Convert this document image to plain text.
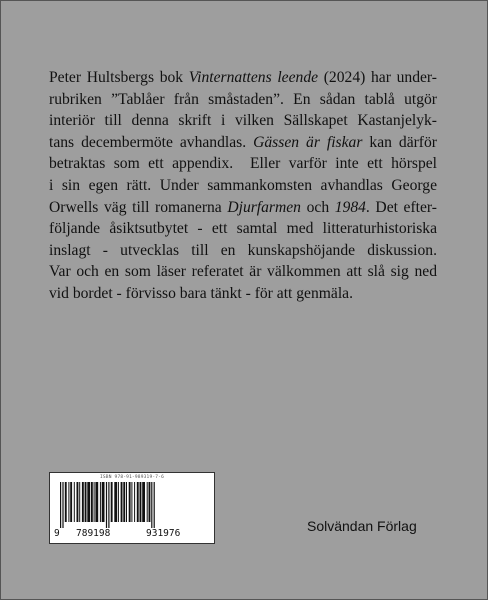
Peter Hultsbergs bok Vinternattens leende (2024) har under-
rubriken ”Tablåer från småstaden”. En sådan tablå utgör
interiör till denna skrift i vilken Sällskapet Kastanjelyk-
tans decembermöte avhandlas. Gässen är fiskar kan därför
betraktas som ett appendix.  Eller varför inte ett hörspel
i sin egen rätt. Under sammankomsten avhandlas George
Orwells väg till romanerna Djurfarmen och 1984. Det efter-
följande åsiktsutbytet - ett samtal med litteraturhistoriska
inslagt - utvecklas till en kunskapshöjande diskussion.
Var och en som läser referatet är välkommen att slå sig ned
vid bordet - förvisso bara tänkt - för att genmäla.
ISBN 978-91-989319-7-6
9 789198	931976	Solvändan Förlag
